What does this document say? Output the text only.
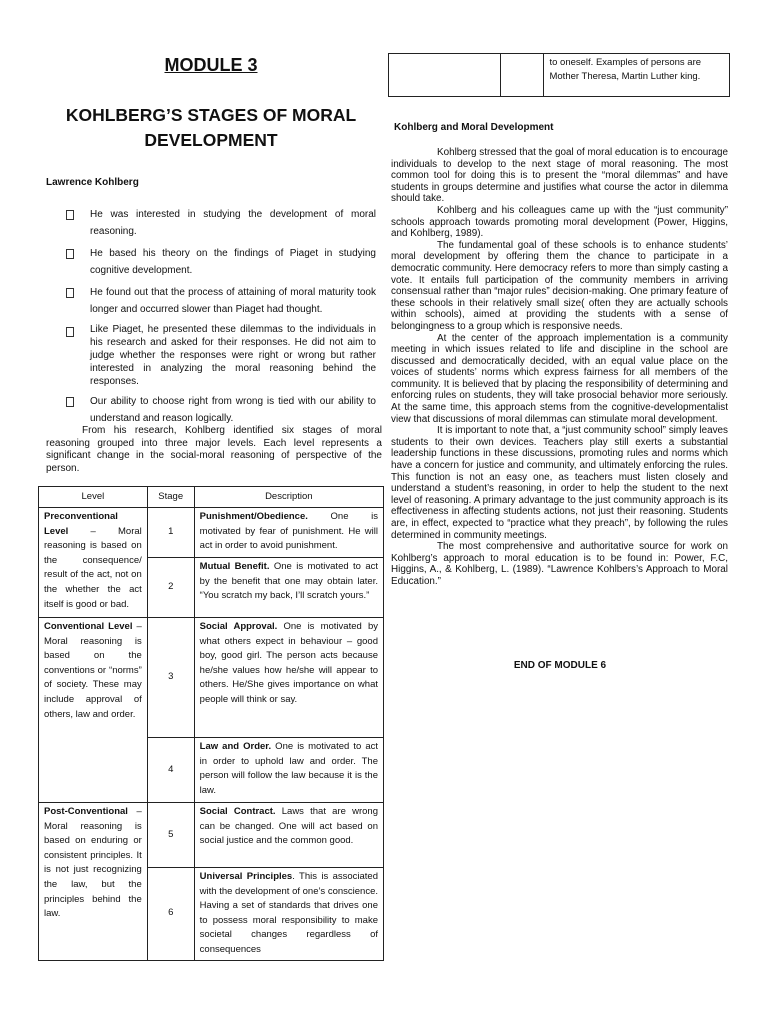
MODULE 3
KOHLBERG’S STAGES OF MORAL DEVELOPMENT
Lawrence Kohlberg
He was interested in studying the development of moral reasoning.
He based his theory on the findings of Piaget in studying cognitive development.
He found out that the process of attaining of moral maturity took longer and occurred slower than Piaget had thought.
Like Piaget, he presented these dilemmas to the individuals in his research and asked for their responses. He did not aim to judge whether the responses were right or wrong but rather interested in analyzing the moral reasoning behind the responses.
Our ability to choose right from wrong is tied with our ability to understand and reason logically.

From his research, Kohlberg identified six stages of moral reasoning grouped into three major levels. Each level represents a significant change in the social-moral reasoning of perspective of the person.

Level	Stage	Description
Preconventional Level – Moral reasoning is based on the consequence/ result of the act, not on the whether the act itself is good or bad.	1	Punishment/Obedience. One is motivated by fear of punishment. He will act in order to avoid punishment.
	2	Mutual Benefit. One is motivated to act by the benefit that one may obtain later. “You scratch my back, I’ll scratch yours.”
Conventional Level – Moral reasoning is based on the conventions or “norms” of society. These may include approval of others, law and order.	3	Social Approval. One is motivated by what others expect in behaviour – good boy, good girl. The person acts because he/she values how he/she will appear to others. He/She gives importance on what people will think or say.
	4	Law and Order. One is motivated to act in order to uphold law and order. The person will follow the law because it is the law.
Post-Conventional – Moral reasoning is based on enduring or consistent principles. It is not just recognizing the law, but the principles behind the law.	5	Social Contract. Laws that are wrong can be changed. One will act based on social justice and the common good.
	6	Universal Principles. This is associated with the development of one’s conscience. Having a set of standards that drives one to possess moral responsibility to make societal changes regardless of consequences
		to oneself. Examples of persons are Mother Theresa, Martin Luther king.
Kohlberg and Moral Development

Kohlberg stressed that the goal of moral education is to encourage individuals to develop to the next stage of moral reasoning. The most common tool for doing this is to present the “moral dilemmas” and have students in groups determine and justifies what course the actor in dilemma should take.

Kohlberg and his colleagues came up with the “just community” schools approach towards promoting moral development (Power, Higgins, and Kohlberg, 1989).

The fundamental goal of these schools is to enhance students’ moral development by offering them the chance to participate in a democratic community. Here democracy refers to more than simply casting a vote. It entails full participation of the community members in arriving consensual rather than “major rules” decision-making. One primary feature of these schools in their relatively small size( often they are actually schools within schools), aimed at providing the students with a sense of belongingness to a group which is responsive needs.

At the center of the approach implementation is a community meeting in which issues related to life and discipline in the school are discussed and democratically decided, with an equal value place on the voices of students’ norms which express fairness for all members of the community. It is believed that by placing the responsibility of determining and enforcing rules on students, they will take prosocial behavior more seriously. At the same time, this approach stems from the cognitive-developmentalist view that discussions of moral dilemmas can stimulate moral development.

It is important to note that, a “just community school” simply leaves students to their own devices. Teachers play still exerts a substantial leadership functions in these discussions, promoting rules and norms which have a concern for justice and community, and ultimately enforcing the rules. This function is not an easy one, as teachers must listen closely and understand a student’s reasoning, in order to help the student to the next level of reasoning. A primary advantage to the just community approach is its effectiveness in affecting students actions, not just their reasoning. Students are, in effect, expected to “practice what they preach”, by following the rules determined in community meetings.

The most comprehensive and authoritative source for work on Kohlberg’s approach to moral education is to be found in: Power, F.C, Higgins, A., & Kohlberg, L. (1989). “Lawrence Kohlbers’s Approach to Moral Education.”

END OF MODULE 6
